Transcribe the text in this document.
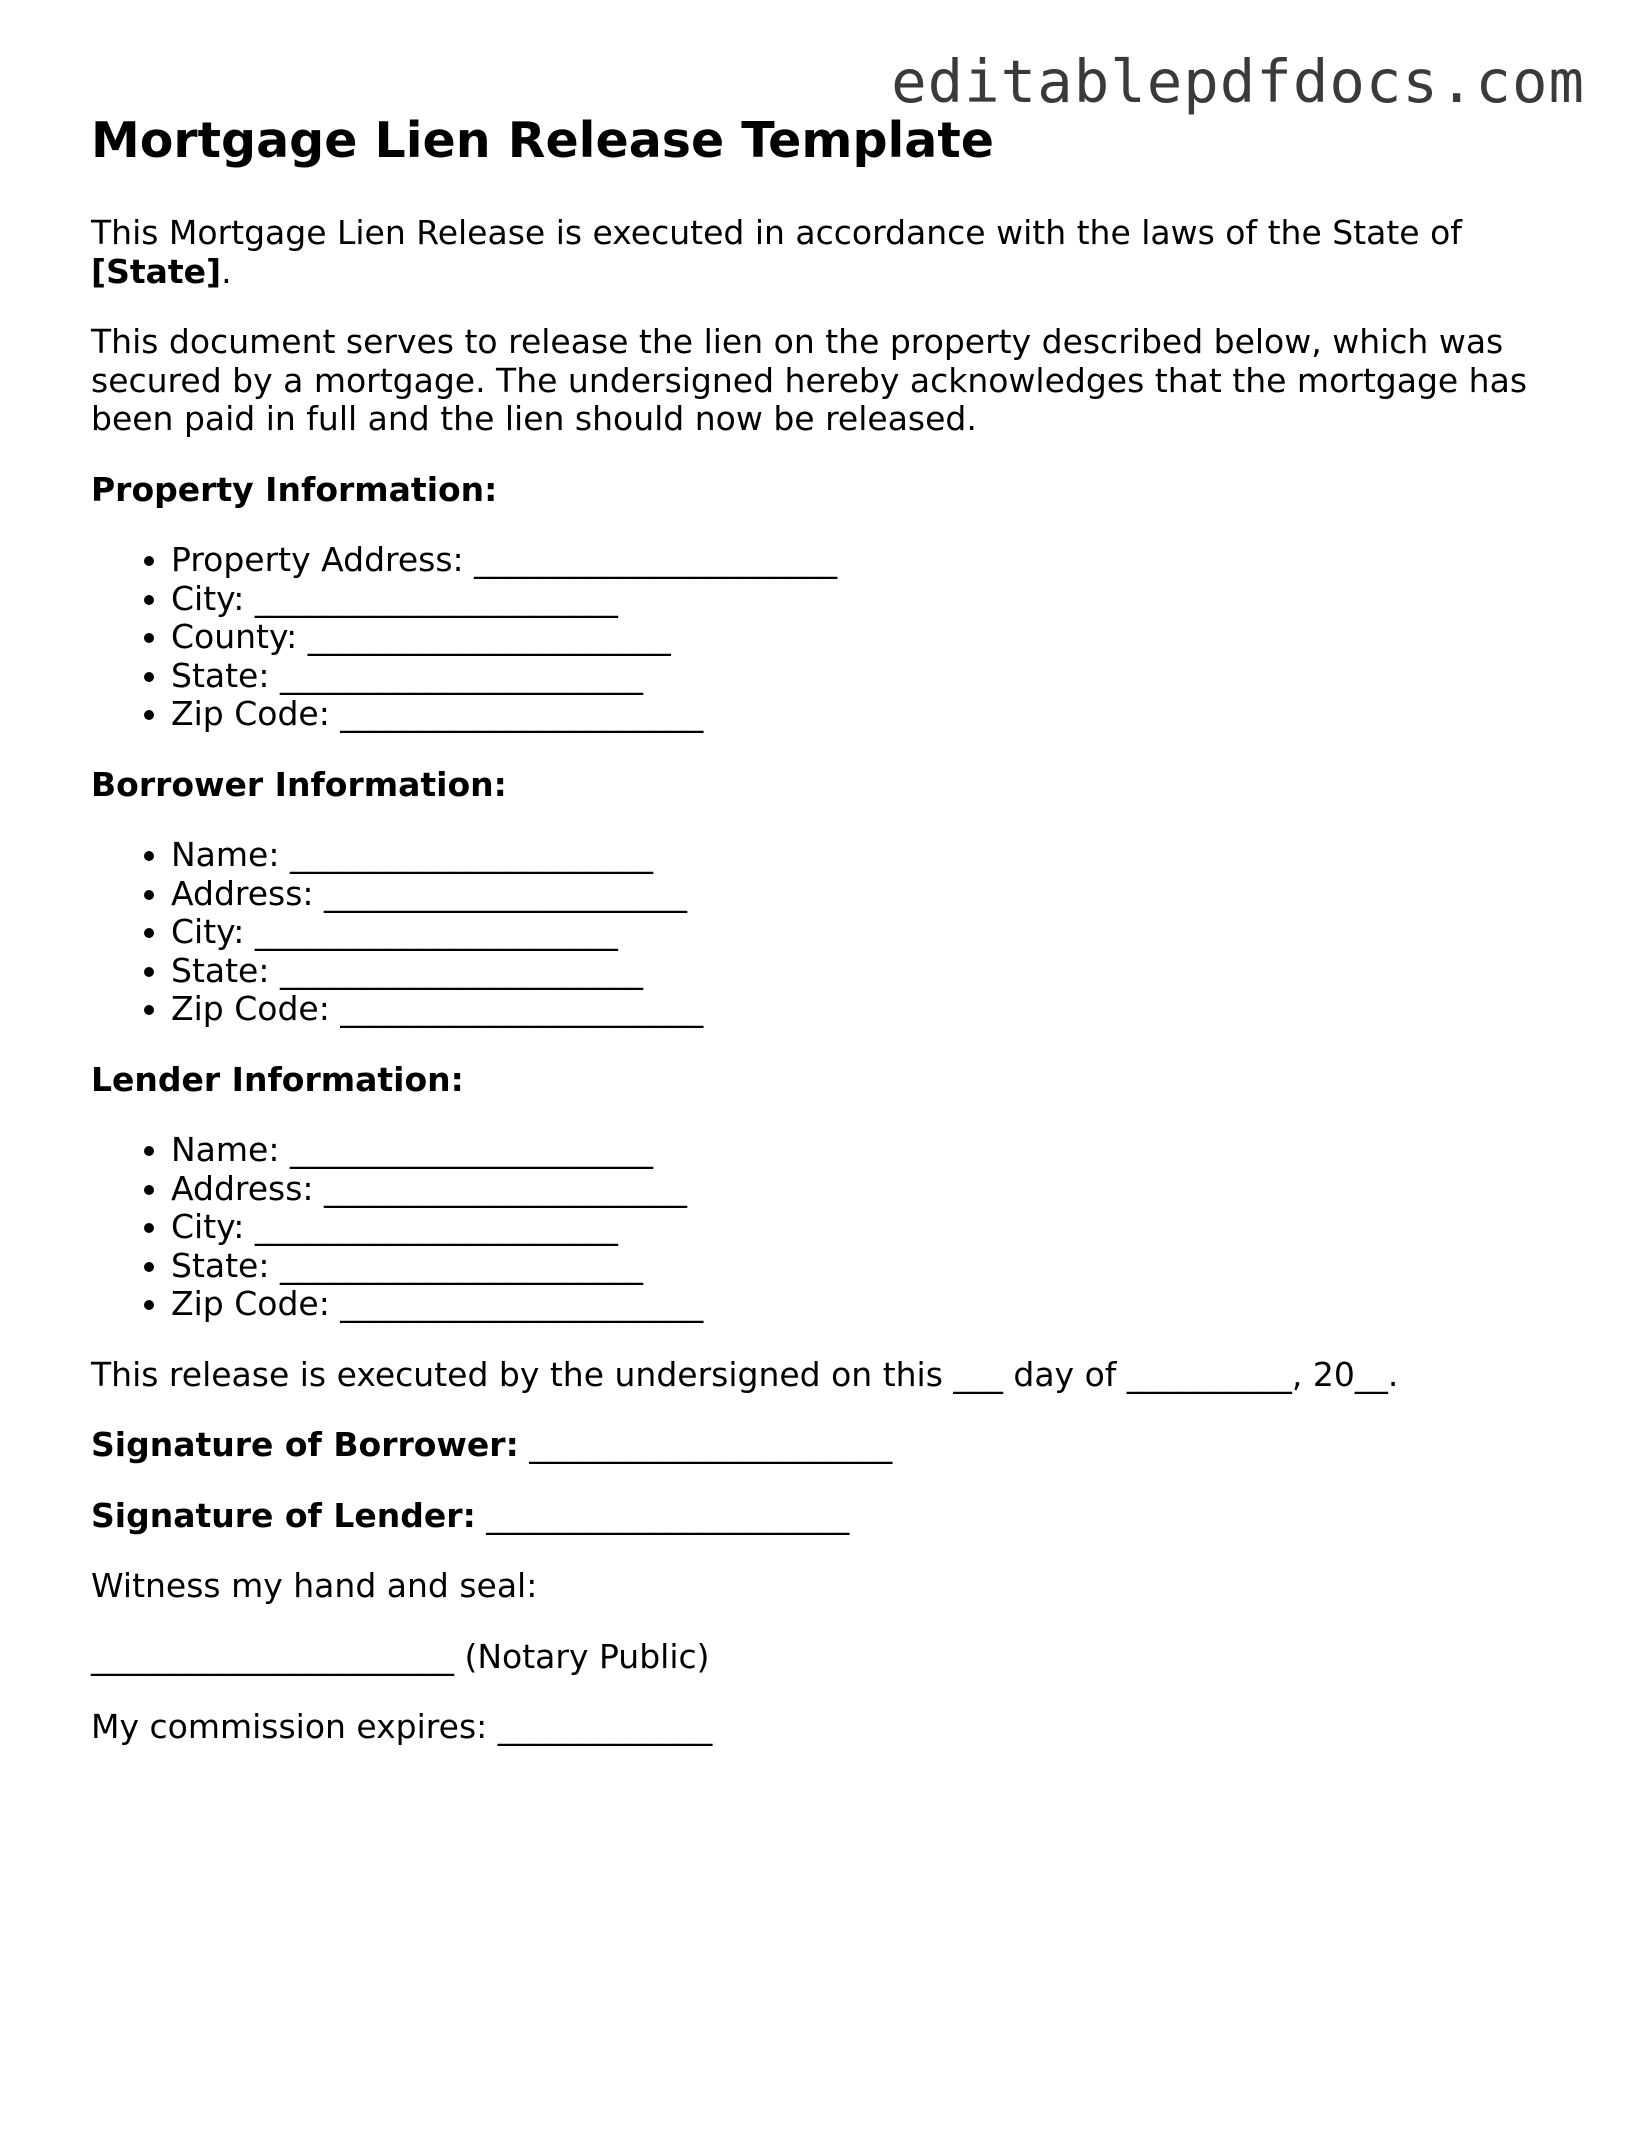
editablepdfdocs.com
Mortgage Lien Release Template

This Mortgage Lien Release is executed in accordance with the laws of the State of [State].

This document serves to release the lien on the property described below, which was secured by a mortgage. The undersigned hereby acknowledges that the mortgage has been paid in full and the lien should now be released.

Property Information:

• Property Address: ______________________
• City: ______________________
• County: ______________________
• State: ______________________
• Zip Code: ______________________

Borrower Information:

• Name: ______________________
• Address: ______________________
• City: ______________________
• State: ______________________
• Zip Code: ______________________

Lender Information:

• Name: ______________________
• Address: ______________________
• City: ______________________
• State: ______________________
• Zip Code: ______________________

This release is executed by the undersigned on this ___ day of __________, 20__.

Signature of Borrower: ______________________

Signature of Lender: ______________________

Witness my hand and seal:

______________________ (Notary Public)

My commission expires: _____________
